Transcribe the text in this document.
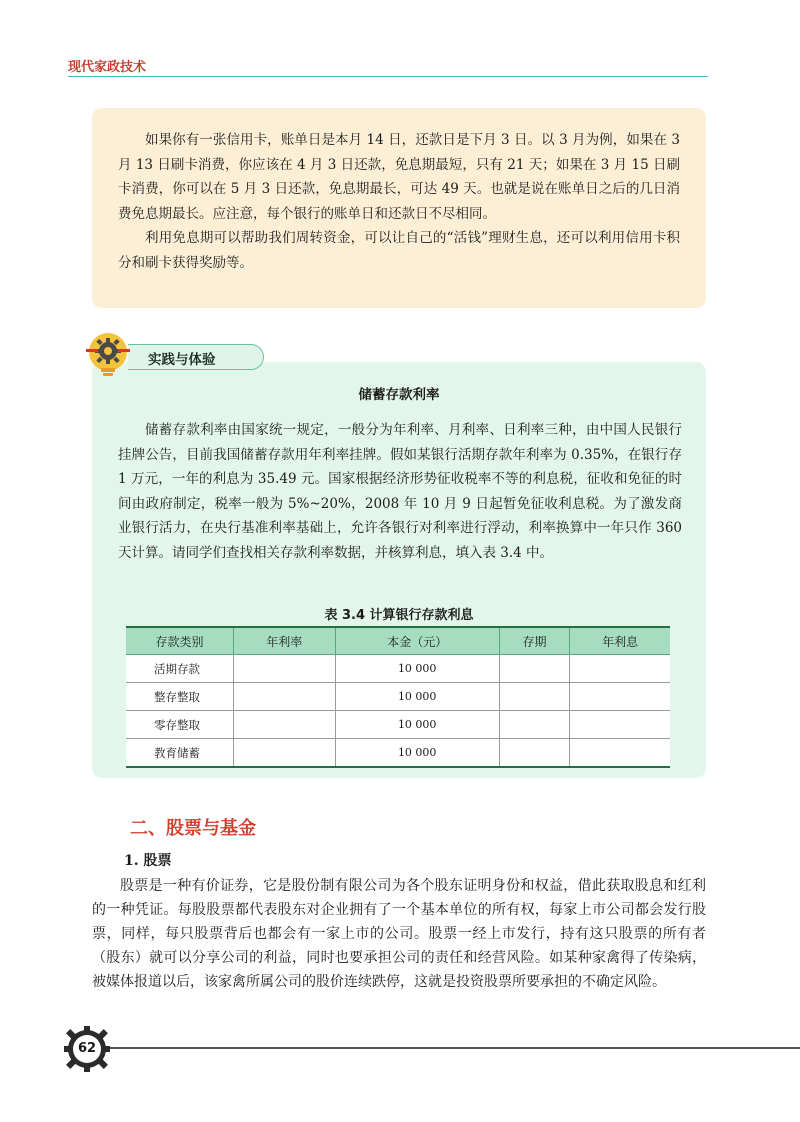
现代家政技术

如果你有一张信用卡，账单日是本月 14 日，还款日是下月 3 日。以 3 月为例，如果在 3 月 13 日刷卡消费，你应该在 4 月 3 日还款，免息期最短，只有 21 天；如果在 3 月 15 日刷卡消费，你可以在 5 月 3 日还款，免息期最长，可达 49 天。也就是说在账单日之后的几日消费免息期最长。应注意，每个银行的账单日和还款日不尽相同。

利用免息期可以帮助我们周转资金，可以让自己的“活钱”理财生息，还可以利用信用卡积分和刷卡获得奖励等。

实践与体验
储蓄存款利率

储蓄存款利率由国家统一规定，一般分为年利率、月利率、日利率三种，由中国人民银行挂牌公告，目前我国储蓄存款用年利率挂牌。假如某银行活期存款年利率为 0.35%，在银行存 1 万元，一年的利息为 35.49 元。国家根据经济形势征收税率不等的利息税，征收和免征的时间由政府制定，税率一般为 5%~20%，2008 年 10 月 9 日起暂免征收利息税。为了激发商业银行活力，在央行基准利率基础上，允许各银行对利率进行浮动，利率换算中一年只作 360 天计算。请同学们查找相关存款利率数据，并核算利息，填入表 3.4 中。

表 3.4 计算银行存款利息
存款类别	年利率	本金（元）	存期	年利息
活期存款		10 000		
整存整取		10 000		
零存整取		10 000		
教育储蓄		10 000		
二、股票与基金
1. 股票

股票是一种有价证券，它是股份制有限公司为各个股东证明身份和权益，借此获取股息和红利的一种凭证。每股股票都代表股东对企业拥有了一个基本单位的所有权，每家上市公司都会发行股票，同样，每只股票背后也都会有一家上市的公司。股票一经上市发行，持有这只股票的所有者（股东）就可以分享公司的利益，同时也要承担公司的责任和经营风险。如某种家禽得了传染病，被媒体报道以后，该家禽所属公司的股价连续跌停，这就是投资股票所要承担的不确定风险。

62
